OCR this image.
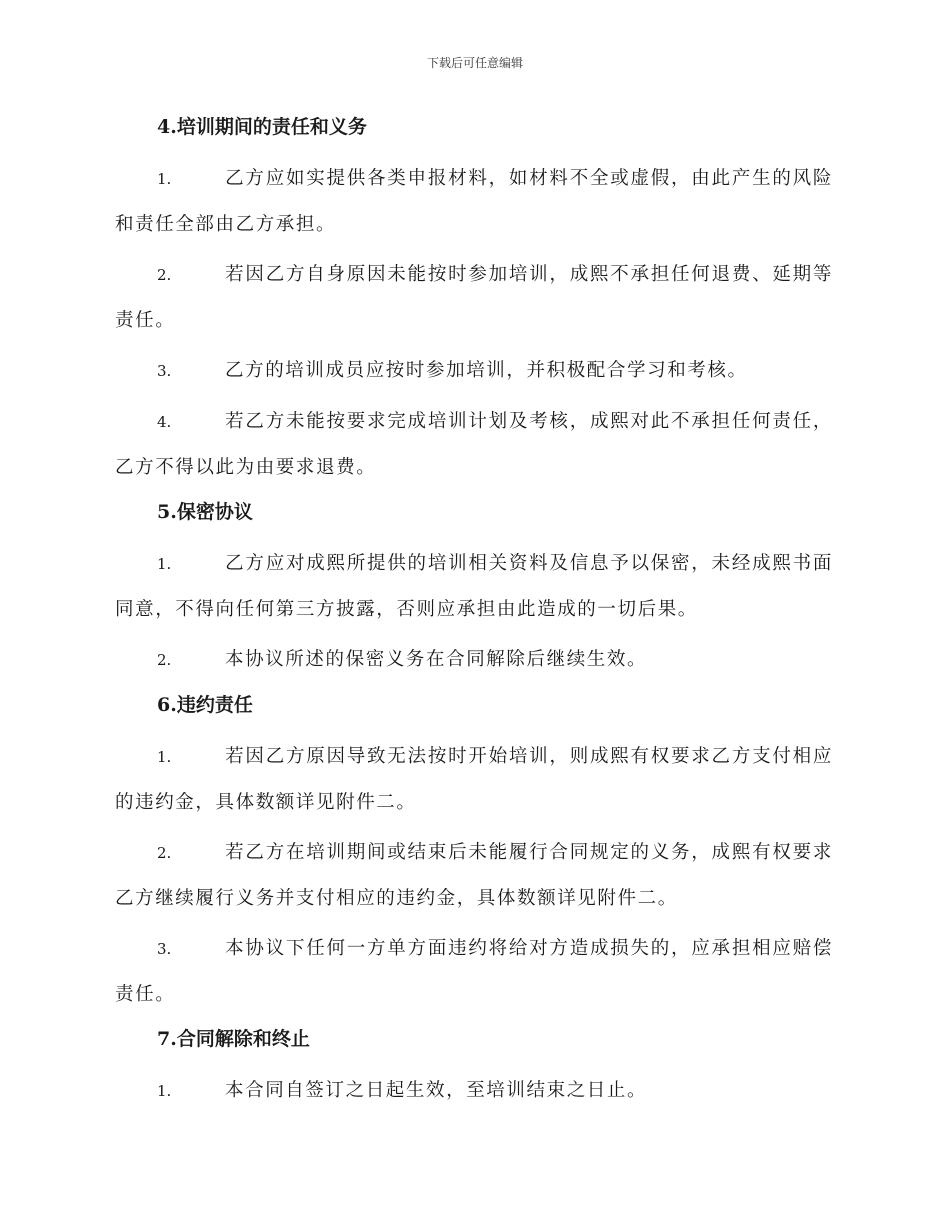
下载后可任意编辑
4.培训期间的责任和义务
1.	乙方应如实提供各类申报材料，如材料不全或虚假，由此产生的风险和责任全部由乙方承担。
2.	若因乙方自身原因未能按时参加培训，成熙不承担任何退费、延期等责任。
3.	乙方的培训成员应按时参加培训，并积极配合学习和考核。
4.	若乙方未能按要求完成培训计划及考核，成熙对此不承担任何责任，乙方不得以此为由要求退费。
5.保密协议
1.	乙方应对成熙所提供的培训相关资料及信息予以保密，未经成熙书面同意，不得向任何第三方披露，否则应承担由此造成的一切后果。
2.	本协议所述的保密义务在合同解除后继续生效。
6.违约责任
1.	若因乙方原因导致无法按时开始培训，则成熙有权要求乙方支付相应的违约金，具体数额详见附件二。
2.	若乙方在培训期间或结束后未能履行合同规定的义务，成熙有权要求乙方继续履行义务并支付相应的违约金，具体数额详见附件二。
3.	本协议下任何一方单方面违约将给对方造成损失的，应承担相应赔偿责任。
7.合同解除和终止
1.	本合同自签订之日起生效，至培训结束之日止。
